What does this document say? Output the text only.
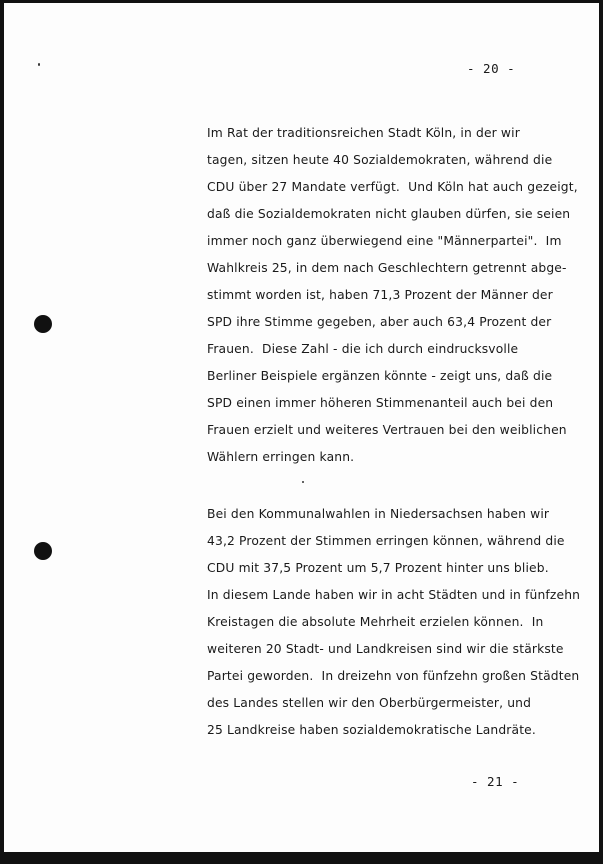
- 20 -
Im Rat der traditionsreichen Stadt Köln, in der wir
tagen, sitzen heute 40 Sozialdemokraten, während die
CDU über 27 Mandate verfügt.  Und Köln hat auch gezeigt,
daß die Sozialdemokraten nicht glauben dürfen, sie seien
immer noch ganz überwiegend eine "Männerpartei".  Im
Wahlkreis 25, in dem nach Geschlechtern getrennt abge-
stimmt worden ist, haben 71,3 Prozent der Männer der
SPD ihre Stimme gegeben, aber auch 63,4 Prozent der
Frauen.  Diese Zahl - die ich durch eindrucksvolle
Berliner Beispiele ergänzen könnte - zeigt uns, daß die
SPD einen immer höheren Stimmenanteil auch bei den
Frauen erzielt und weiteres Vertrauen bei den weiblichen
Wählern erringen kann.
Bei den Kommunalwahlen in Niedersachsen haben wir
43,2 Prozent der Stimmen erringen können, während die
CDU mit 37,5 Prozent um 5,7 Prozent hinter uns blieb.
In diesem Lande haben wir in acht Städten und in fünfzehn
Kreistagen die absolute Mehrheit erzielen können.  In
weiteren 20 Stadt- und Landkreisen sind wir die stärkste
Partei geworden.  In dreizehn von fünfzehn großen Städten
des Landes stellen wir den Oberbürgermeister, und
25 Landkreise haben sozialdemokratische Landräte.
- 21 -
